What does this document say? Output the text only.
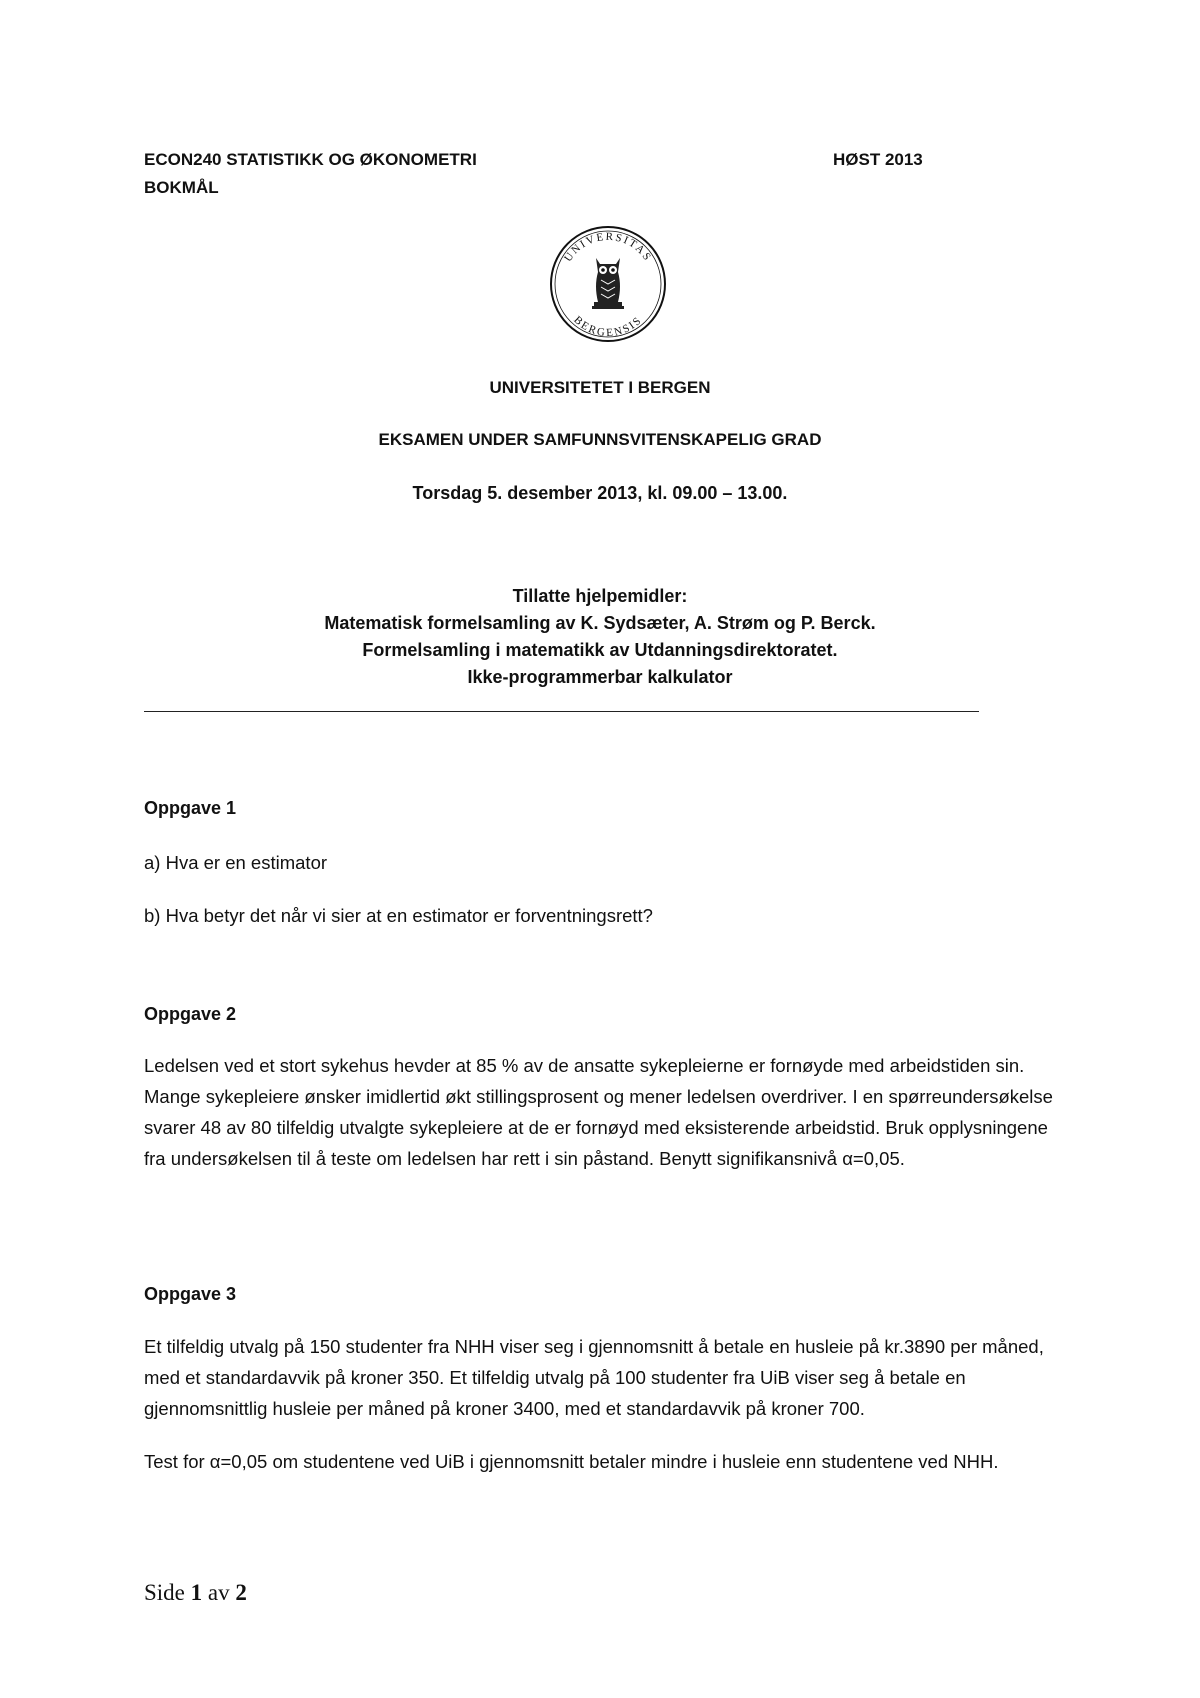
ECON240 STATISTIKK OG ØKONOMETRI
BOKMÅL
HØST 2013
UNIVERSITAS
BERGENSIS
UNIVERSITETET I BERGEN
EKSAMEN UNDER SAMFUNNSVITENSKAPELIG GRAD
Torsdag 5. desember 2013, kl. 09.00 – 13.00.
Tillatte hjelpemidler:
Matematisk formelsamling av K. Sydsæter, A. Strøm og P. Berck.
Formelsamling i matematikk av Utdanningsdirektoratet.
Ikke-programmerbar kalkulator
Oppgave 1
a) Hva er en estimator
b) Hva betyr det når vi sier at en estimator er forventningsrett?
Oppgave 2
Ledelsen ved et stort sykehus hevder at 85 % av de ansatte sykepleierne er fornøyde med arbeidstiden sin. Mange sykepleiere ønsker imidlertid økt stillingsprosent og mener ledelsen overdriver. I en spørreundersøkelse svarer 48 av 80 tilfeldig utvalgte sykepleiere at de er fornøyd med eksisterende arbeidstid. Bruk opplysningene fra undersøkelsen til å teste om ledelsen har rett i sin påstand. Benytt signifikansnivå α=0,05.
Oppgave 3
Et tilfeldig utvalg på 150 studenter fra NHH viser seg i gjennomsnitt å betale en husleie på kr.3890 per måned, med et standardavvik på kroner 350. Et tilfeldig utvalg på 100 studenter fra UiB viser seg å betale en gjennomsnittlig husleie per måned på kroner 3400, med et standardavvik på kroner 700.
Test for α=0,05 om studentene ved UiB i gjennomsnitt betaler mindre i husleie enn studentene ved NHH.
Side 1 av 2
